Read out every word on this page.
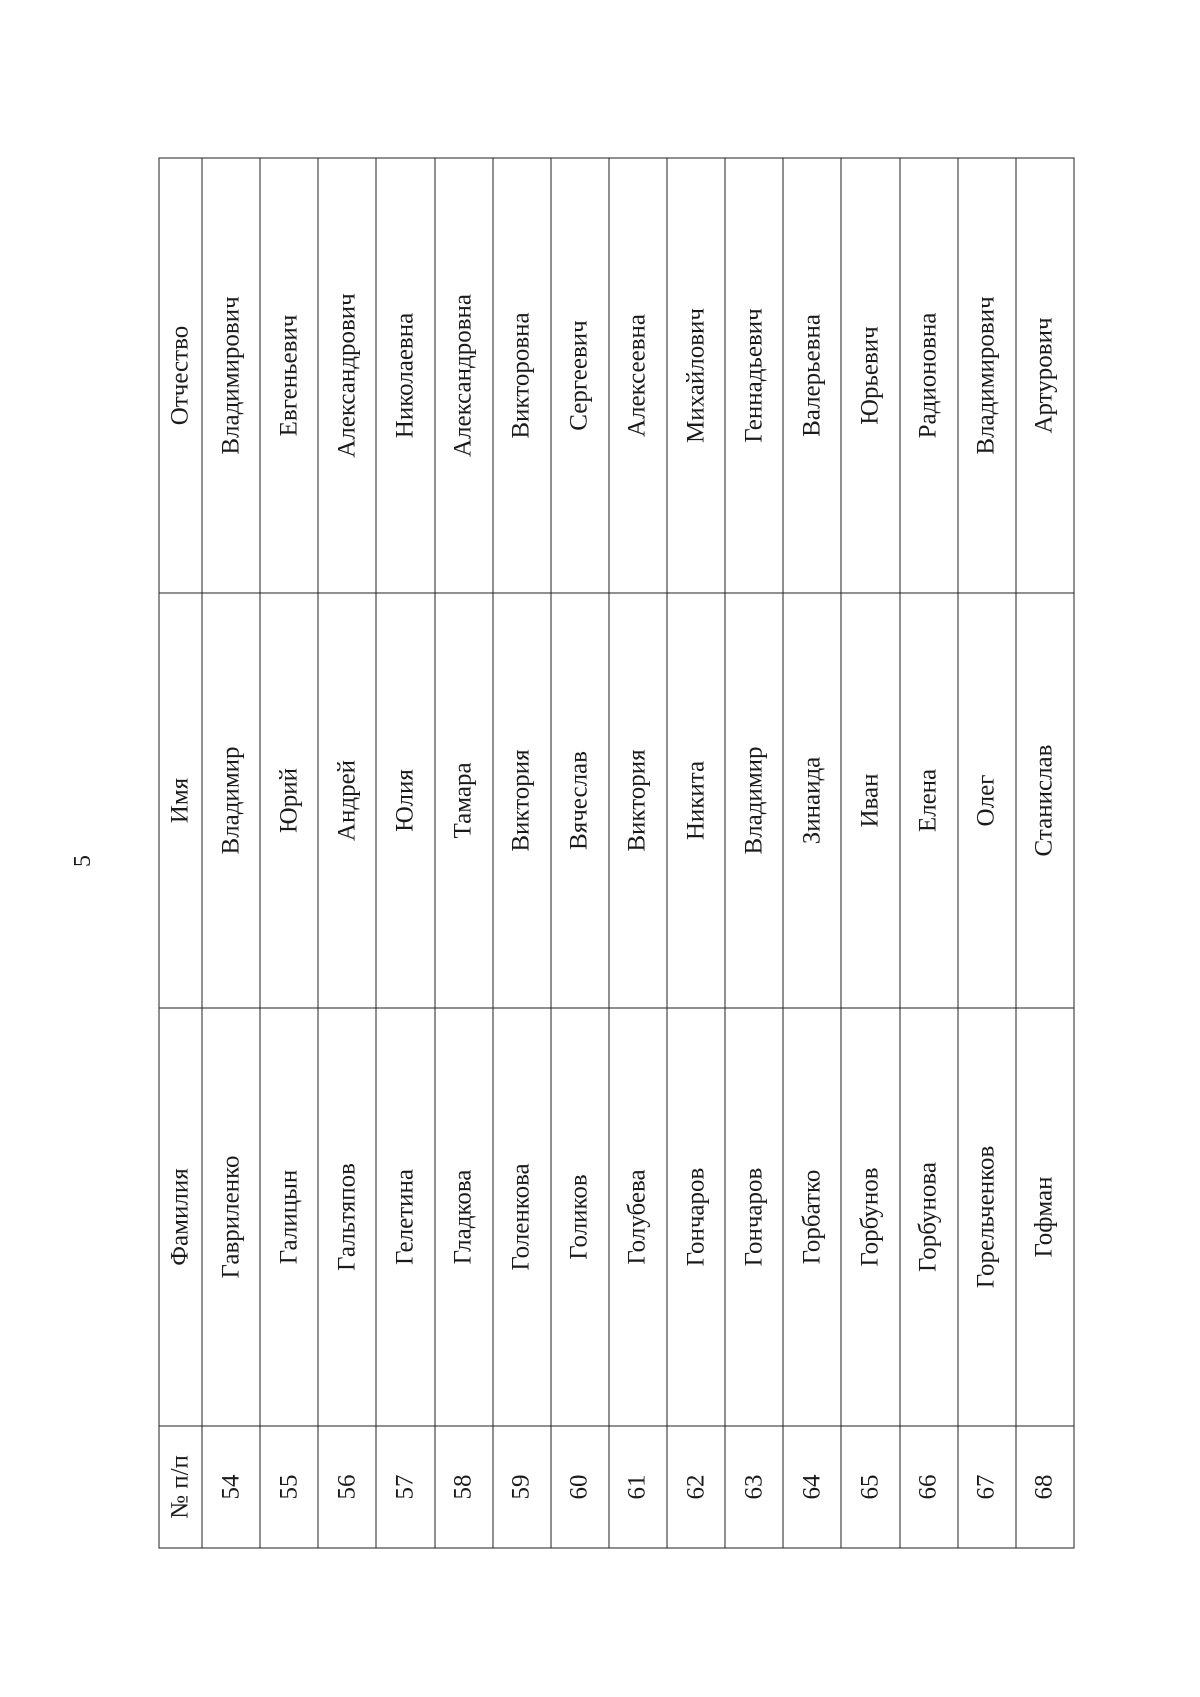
5
№ п/п	Фамилия	Имя	Отчество
54	Гавриленко	Владимир	Владимирович
55	Галицын	Юрий	Евгеньевич
56	Гальтяпов	Андрей	Александрович
57	Гелетина	Юлия	Николаевна
58	Гладкова	Тамара	Александровна
59	Голенкова	Виктория	Викторовна
60	Голиков	Вячеслав	Сергеевич
61	Голубева	Виктория	Алексеевна
62	Гончаров	Никита	Михайлович
63	Гончаров	Владимир	Геннадьевич
64	Горбатко	Зинаида	Валерьевна
65	Горбунов	Иван	Юрьевич
66	Горбунова	Елена	Радионовна
67	Горельченков	Олег	Владимирович
68	Гофман	Станислав	Артурович
